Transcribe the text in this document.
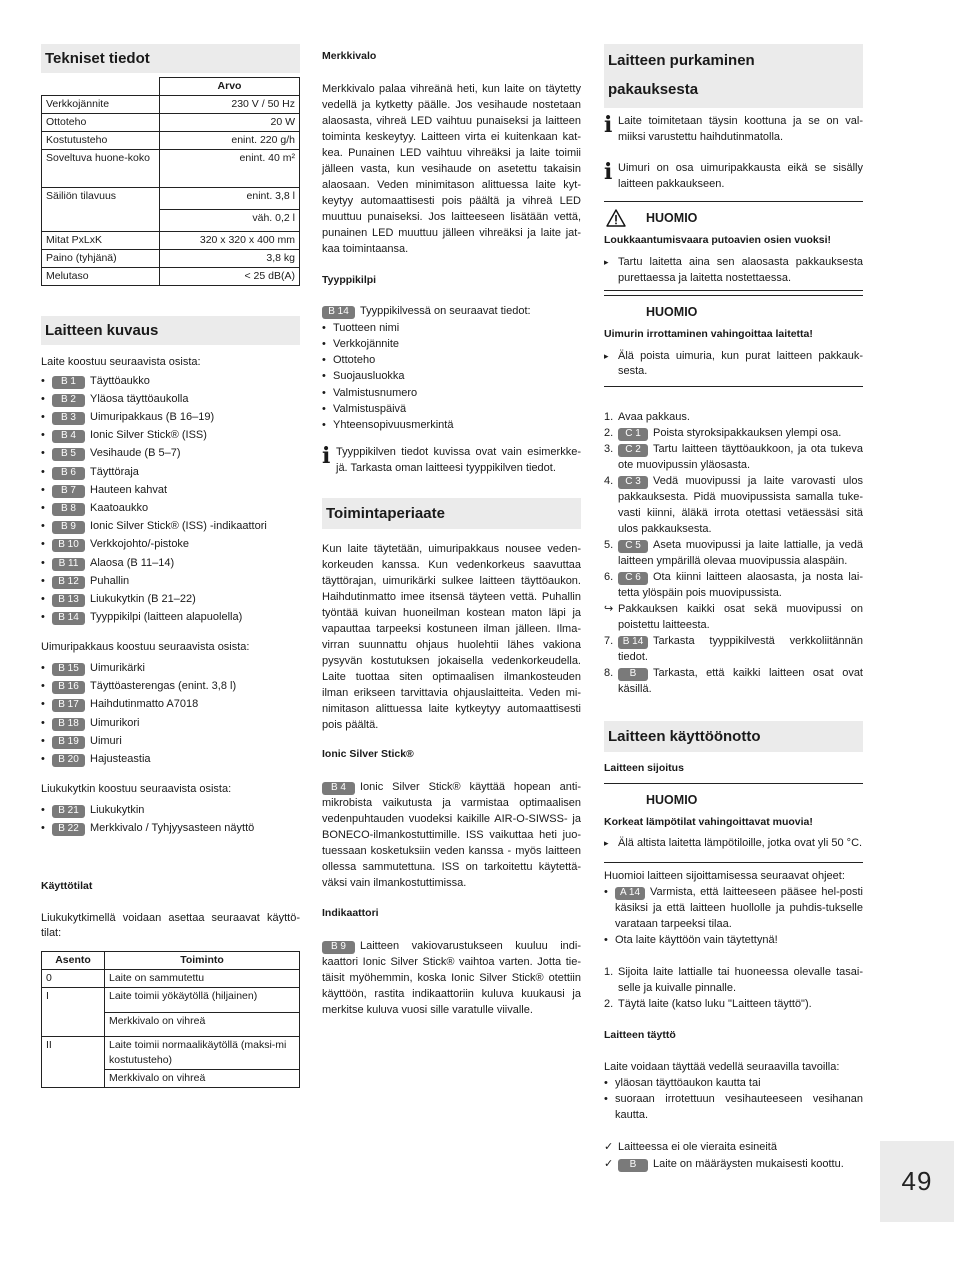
Tekniset tiedot
	Arvo
Verkkojännite	230 V / 50 Hz
Ottoteho	20 W
Kostutusteho	enint. 220 g/h
Soveltuva huone-koko	enint. 40 m²
Säiliön tilavuus	enint. 3,8 l
	väh. 0,2 l
Mitat PxLxK	320 x 320 x 400 mm
Paino (tyhjänä)	3,8 kg
Melutaso	< 25 dB(A)
Laitteen kuvaus

Laite koostuu seuraavista osista:

• B 1 Täyttöaukko
• B 2 Yläosa täyttöaukolla
• B 3 Uimuripakkaus (B 16–19)
• B 4 Ionic Silver Stick® (ISS)
• B 5 Vesihaude (B 5–7)
• B 6 Täyttöraja
• B 7 Hauteen kahvat
• B 8 Kaatoaukko
• B 9 Ionic Silver Stick® (ISS) -indikaattori
• B 10 Verkkojohto/-pistoke
• B 11 Alaosa (B 11–14)
• B 12 Puhallin
• B 13 Liukukytkin (B 21–22)
• B 14 Tyyppikilpi (laitteen alapuolella)

Uimuripakkaus koostuu seuraavista osista:

• B 15 Uimurikärki
• B 16 Täyttöasterengas (enint. 3,8 l)
• B 17 Haihdutinmatto A7018
• B 18 Uimurikori
• B 19 Uimuri
• B 20 Hajusteastia

Liukukytkin koostuu seuraavista osista:

• B 21 Liukukytkin
• B 22 Merkkivalo / Tyhjyysasteen näyttö

Käyttötilat

Liukukytkimellä voidaan asettaa seuraavat käyttö-tilat:

Asento	Toiminto
0	Laite on sammutettu
I	Laite toimii yökäytöllä (hiljainen)
	Merkkivalo on vihreä
II	Laite toimii normaalikäytöllä (maksi-mi kostutusteho)
	Merkkivalo on vihreä

Merkkivalo

Merkkivalo palaa vihreänä heti, kun laite on täytetty vedellä ja kytketty päälle. Jos vesihaude nostetaan alaosasta, vihreä LED vaihtuu punaiseksi ja laitteen toiminta keskeytyy. Laitteen virta ei kuitenkaan kat-kea. Punainen LED vaihtuu vihreäksi ja laite toimii jälleen vasta, kun vesihaude on asetettu takaisin alaosaan. Veden minimitason alittuessa laite kyt-keytyy automaattisesti pois päältä ja vihreä LED muuttuu punaiseksi. Jos laitteeseen lisätään vettä, punainen LED muuttuu jälleen vihreäksi ja laite jat-kaa toimintaansa.

Tyyppikilpi

B 14 Tyyppikilvessä on seuraavat tiedot:

• Tuotteen nimi
• Verkkojännite
• Ottoteho
• Suojausluokka
• Valmistusnumero
• Valmistuspäivä
• Yhteensopivuusmerkintä
i Tyyppikilven tiedot kuvissa ovat vain esimerkke-jä. Tarkasta oman laitteesi tyyppikilven tiedot.

Toimintaperiaate

Kun laite täytetään, uimuripakkaus nousee veden-korkeuden kanssa. Kun vedenkorkeus saavuttaa täyttörajan, uimurikärki sulkee laitteen täyttöaukon. Haihdutinmatto imee itsensä täyteen vettä. Puhallin työntää kuivan huoneilman kostean maton läpi ja vapauttaa tarpeeksi kostuneen ilman jälleen. Ilma-virran suunnattu ohjaus huolehtii lähes vakiona pysyvän kostutuksen jokaisella vedenkorkeudella. Laite tuottaa siten optimaalisen ilmankosteuden ilman erikseen tarvittavia ohjauslaitteita. Veden mi-nimitason alittuessa laite kytkeytyy automaattisesti pois päältä.

Ionic Silver Stick®

B 4 Ionic Silver Stick® käyttää hopean anti-mikrobista vaikutusta ja varmistaa optimaalisen vedenpuhtauden vuodeksi kaikille AIR-O-SIWSS- ja BONECO-ilmankostuttimille. ISS vaikuttaa heti juo-tuessaan kosketuksiin veden kanssa - myös laitteen ollessa sammutettuna. ISS on tarkoitettu käytettä-väksi vain ilmankostuttimissa.

Indikaattori

B 9 Laitteen vakiovarustukseen kuuluu indi-kaattori Ionic Silver Stick® vaihtoa varten. Jotta tie-täisit myöhemmin, koska Ionic Silver Stick® otettiin käyttöön, rastita indikaattoriin kuluva kuukausi ja merkitse kuluva vuosi sille varatulle viivalle.

Laitteen purkaminen
pakauksesta
i Laite toimitetaan täysin koottuna ja se on val-miiksi varustettu haihdutinmatolla.

i Uimuri on osa uimuripakkausta eikä se sisälly laitteen pakkaukseen.

HUOMIO

Loukkaantumisvaara putoavien osien vuoksi!

▸ Tartu laitetta aina sen alaosasta pakkauksesta purettaessa ja laitetta nostettaessa.

HUOMIO

Uimurin irrottaminen vahingoittaa laitetta!

▸ Älä poista uimuria, kun purat laitteen pakkauk-sesta.

1. Avaa pakkaus.
2. C 1 Poista styroksipakkauksen ylempi osa.
3. C 2 Tartu laitteen täyttöaukkoon, ja ota tukeva ote muovipussin yläosasta.
4. C 3 Vedä muovipussi ja laite varovasti ulos pakkauksesta. Pidä muovipussista samalla tuke-vasti kiinni, äläkä irrota otettasi vetäessäsi sitä ulos pakkauksesta.
5. C 5 Aseta muovipussi ja laite lattialle, ja vedä laitteen ympärillä olevaa muovipussia alaspäin.
6. C 6 Ota kiinni laitteen alaosasta, ja nosta lai-tetta ylöspäin pois muovipussista.
↪ Pakkauksen kaikki osat sekä muovipussi on poistettu laitteesta.
7. B 14 Tarkasta tyyppikilvestä verkkoliitännän tiedot.
8. B Tarkasta, että kaikki laitteen osat ovat käsillä.
Laitteen käyttöönotto

Laitteen sijoitus

HUOMIO

Korkeat lämpötilat vahingoittavat muovia!

▸ Älä altista laitetta lämpötiloille, jotka ovat yli 50 °C.

Huomioi laitteen sijoittamisessa seuraavat ohjeet:

• A 14 Varmista, että laitteeseen pääsee hel-posti käsiksi ja että laitteen huollolle ja puhdis-tukselle varataan tarpeeksi tilaa.
• Ota laite käyttöön vain täytettynä!
1. Sijoita laite lattialle tai huoneessa olevalle tasai-selle ja kuivalle pinnalle.
2. Täytä laite (katso luku "Laitteen täyttö").

Laitteen täyttö

Laite voidaan täyttää vedellä seuraavilla tavoilla:

• yläosan täyttöaukon kautta tai
• suoraan irrotettuun vesihauteeseen vesihanan kautta.
✓ Laitteessa ei ole vieraita esineitä
✓ B Laite on määräysten mukaisesti koottu.
49
